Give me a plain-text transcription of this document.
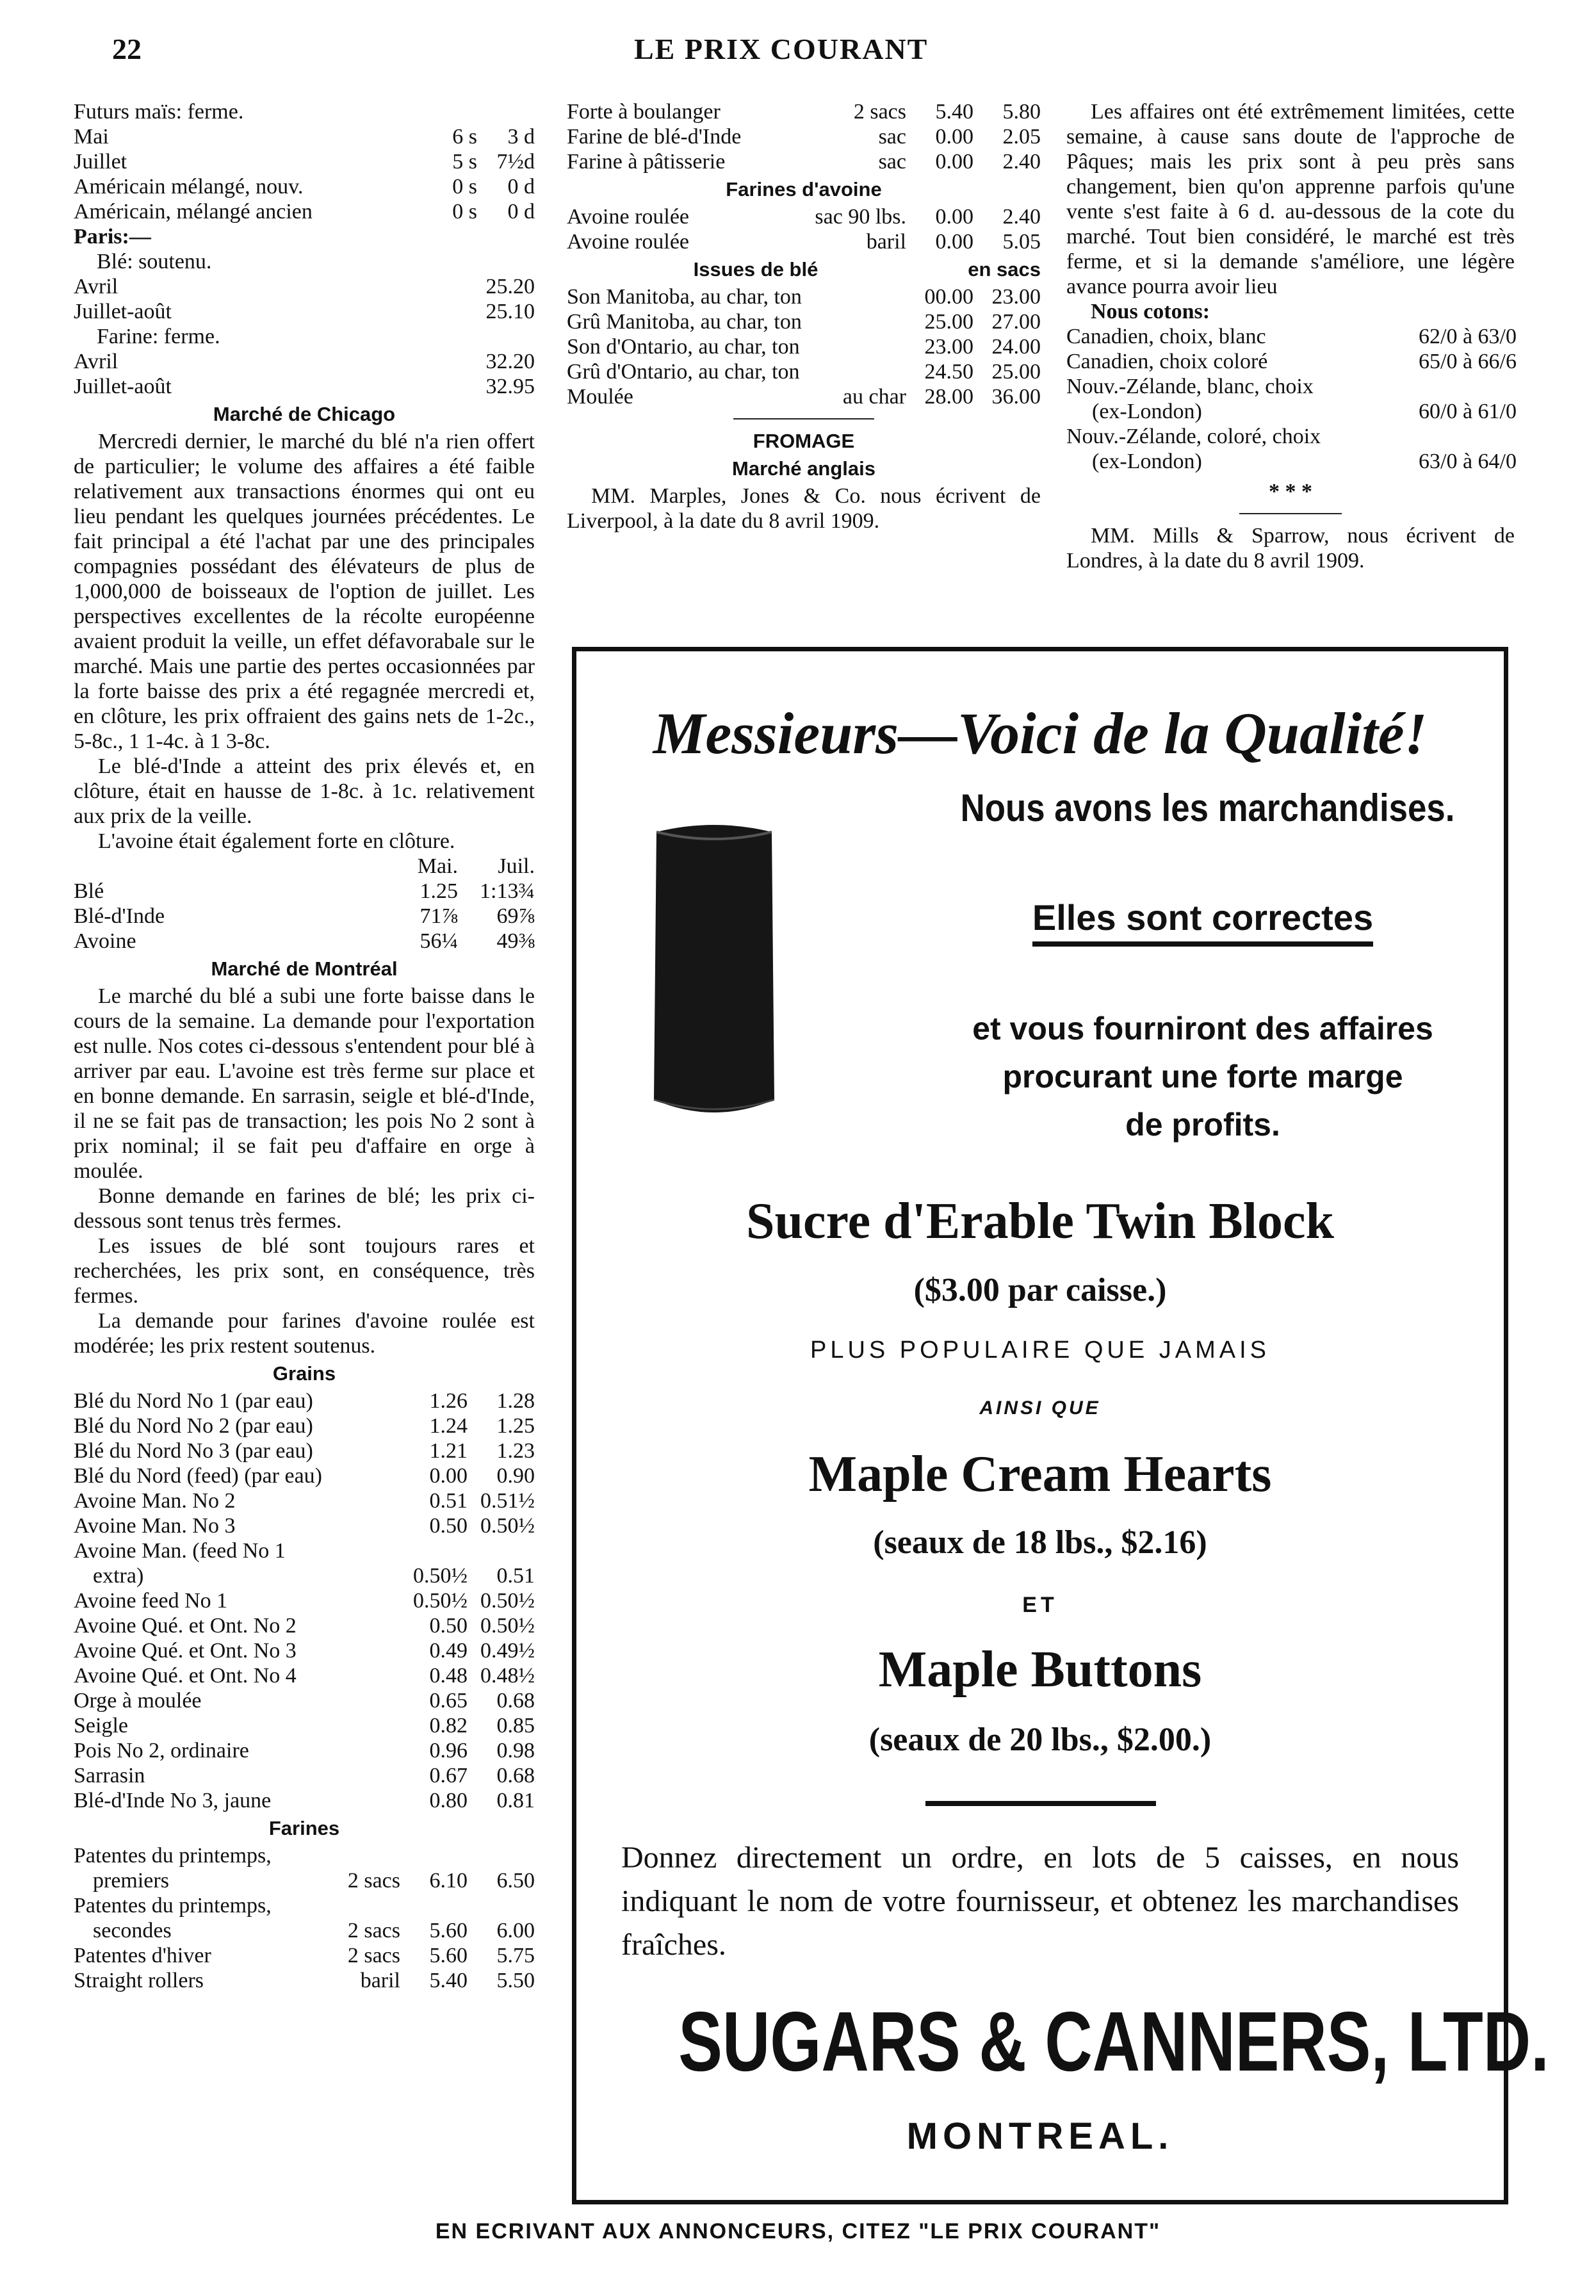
22	LE PRIX COURANT
Futurs maïs: ferme.
Mai	6 s	3 d
Juillet	5 s 7½d
Américain mélangé, nouv.	0 s	0 d
Américain, mélangé ancien	0 s	0 d
Paris:—
Blé: soutenu.
Avril	25.20
Juillet-août	25.10
Farine: ferme.
Avril	32.20
Juillet-août	32.95
Marché de Chicago
Mercredi dernier, le marché du blé n'a rien offert de particulier; le volume des affaires a été faible relativement aux transactions énormes qui ont eu lieu pendant les quelques journées précédentes. Le fait principal a été l'achat par une des principales compagnies possédant des élévateurs de plus de 1,000,000 de boisseaux de l'option de juillet. Les perspectives excellentes de la récolte européenne avaient produit la veille, un effet défavorabale sur le marché. Mais une partie des pertes occasionnées par la forte baisse des prix a été regagnée mercredi et, en clôture, les prix offraient des gains nets de 1-2c., 5-8c., 1 1-4c. à 1 3-8c.
Le blé-d'Inde a atteint des prix élevés et, en clôture, était en hausse de 1-8c. à 1c. relativement aux prix de la veille.
L'avoine était également forte en clôture.
Mai.	Juil.
Blé	1.25	1:13¾
Blé-d'Inde	71⅞	69⅞
Avoine	56¼	49⅜
Marché de Montréal
Le marché du blé a subi une forte baisse dans le cours de la semaine. La demande pour l'exportation est nulle. Nos cotes ci-dessous s'entendent pour blé à arriver par eau. L'avoine est très ferme sur place et en bonne demande. En sarrasin, seigle et blé-d'Inde, il ne se fait pas de transaction; les pois No 2 sont à prix nominal; il se fait peu d'affaire en orge à moulée.
Bonne demande en farines de blé; les prix ci-dessous sont tenus très fermes.
Les issues de blé sont toujours rares et recherchées, les prix sont, en conséquence, très fermes.
La demande pour farines d'avoine roulée est modérée; les prix restent soutenus.
Grains
Blé du Nord No 1 (par eau)	1.26	1.28
Blé du Nord No 2 (par eau)	1.24	1.25
Blé du Nord No 3 (par eau)	1.21	1.23
Blé du Nord (feed) (par eau)	0.00	0.90
Avoine Man. No 2	0.51 0.51½
Avoine Man. No 3	0.50 0.50½
Avoine Man. (feed No 1
extra)	0.50½	0.51
Avoine feed No 1	0.50½ 0.50½
Avoine Qué. et Ont. No 2	0.50 0.50½
Avoine Qué. et Ont. No 3	0.49 0.49½
Avoine Qué. et Ont. No 4	0.48 0.48½
Orge à moulée	0.65	0.68
Seigle	0.82	0.85
Pois No 2, ordinaire	0.96	0.98
Sarrasin	0.67	0.68
Blé-d'Inde No 3, jaune	0.80	0.81
Farines
Patentes du printemps,
premiers	2 sacs	6.10	6.50
Patentes du printemps,
secondes	2 sacs	5.60	6.00
Patentes d'hiver	2 sacs	5.60	5.75
Straight rollers	baril	5.40	5.50
Forte à boulanger	2 sacs	5.40	5.80
Farine de blé-d'Inde	sac	0.00	2.05
Farine à pâtisserie	sac	0.00	2.40
Farines d'avoine
Avoine roulée	sac 90 lbs.	0.00	2.40
Avoine roulée	baril	0.00	5.05
Issues de blé	en sacs
Son Manitoba, au char, ton	00.00 23.00
Grû Manitoba, au char, ton	25.00 27.00
Son d'Ontario, au char, ton	23.00 24.00
Grû d'Ontario, au char, ton	24.50 25.00
Moulée	au char 28.00 36.00
FROMAGE
Marché anglais
MM. Marples, Jones & Co. nous écrivent de Liverpool, à la date du 8 avril 1909.
Les affaires ont été extrêmement limitées, cette semaine, à cause sans doute de l'approche de Pâques; mais les prix sont à peu près sans changement, bien qu'on apprenne parfois qu'une vente s'est faite à 6 d. au-dessous de la cote du marché. Tout bien considéré, le marché est très ferme, et si la demande s'améliore, une légère avance pourra avoir lieu
Nous cotons:
Canadien, choix, blanc	62/0 à 63/0
Canadien, choix coloré	65/0 à 66/6
Nouv.-Zélande, blanc, choix
(ex-London)	60/0 à 61/0
Nouv.-Zélande, coloré, choix
(ex-London)	63/0 à 64/0
* * *
MM. Mills & Sparrow, nous écrivent de Londres, à la date du 8 avril 1909.
Messieurs—Voici de la Qualité!
Nous avons les marchandises.
Elles sont correctes
et vous fourniront des affaires
procurant une forte marge
de profits.
Sucre d'Erable Twin Block
($3.00 par caisse.)
PLUS POPULAIRE QUE JAMAIS
AINSI QUE
Maple Cream Hearts
(seaux de 18 lbs., $2.16)
ET
Maple Buttons
(seaux de 20 lbs., $2.00.)
Donnez directement un ordre, en lots de 5 caisses, en nous indiquant le nom de votre fournisseur, et obtenez les marchandises fraîches.
SUGARS & CANNERS, LTD.
MONTREAL.
EN ECRIVANT AUX ANNONCEURS, CITEZ "LE PRIX COURANT"
